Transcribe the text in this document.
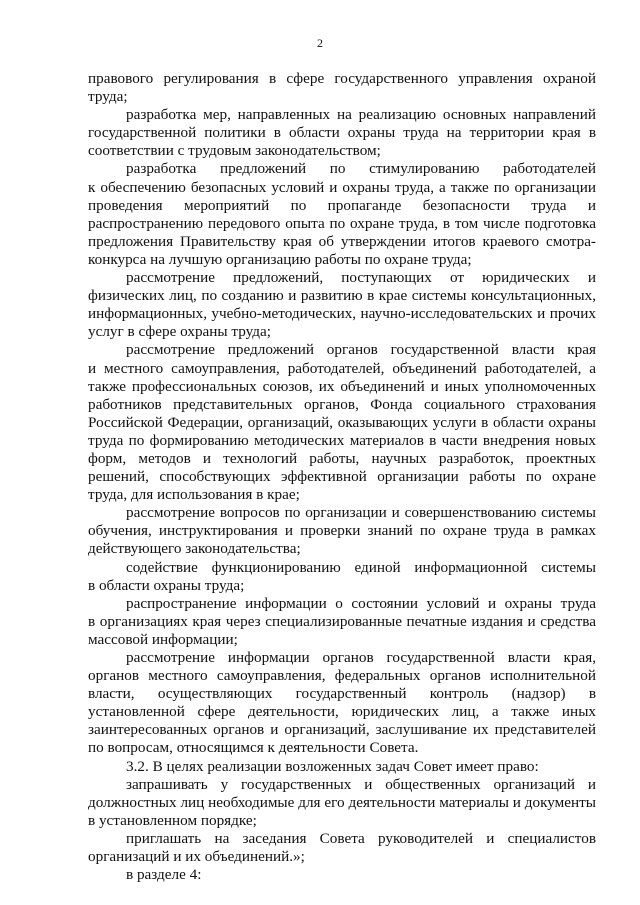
2

правового регулирования в сфере государственного управления охраной
труда;

разработка мер, направленных на реализацию основных направлений
государственной политики в области охраны труда на территории края в соответствии с трудовым законодательством;

разработка предложений по стимулированию работодателей
к обеспечению безопасных условий и охраны труда, а также по организации проведения мероприятий по пропаганде безопасности труда и распространению передового опыта по охране труда, в том числе подготовка предложения Правительству края об утверждении итогов краевого смотра-конкурса на лучшую организацию работы по охране труда;

рассмотрение предложений, поступающих от юридических и
физических лиц, по созданию и развитию в крае системы консультационных, информационных, учебно-методических, научно-исследовательских и прочих услуг в сфере охраны труда;

рассмотрение предложений органов государственной власти края
и местного самоуправления, работодателей, объединений работодателей, а также профессиональных союзов, их объединений и иных уполномоченных работников представительных органов, Фонда социального страхования Российской Федерации, организаций, оказывающих услуги в области охраны труда по формированию методических материалов в части внедрения новых форм, методов и технологий работы, научных разработок, проектных решений, способствующих эффективной организации работы по охране труда, для использования в крае;

рассмотрение вопросов по организации и совершенствованию системы
обучения, инструктирования и проверки знаний по охране труда в рамках действующего законодательства;

содействие функционированию единой информационной системы
в области охраны труда;

распространение информации о состоянии условий и охраны труда
в организациях края через специализированные печатные издания и средства массовой информации;

рассмотрение информации органов государственной власти края,
органов местного самоуправления, федеральных органов исполнительной власти, осуществляющих государственный контроль (надзор) в установленной сфере деятельности, юридических лиц, а также иных заинтересованных органов и организаций, заслушивание их представителей по вопросам, относящимся к деятельности Совета.

3.2. В целях реализации возложенных задач Совет имеет право:

запрашивать у государственных и общественных организаций и
должностных лиц необходимые для его деятельности материалы и документы в установленном порядке;

приглашать на заседания Совета руководителей и специалистов
организаций и их объединений.»;

в разделе 4:
